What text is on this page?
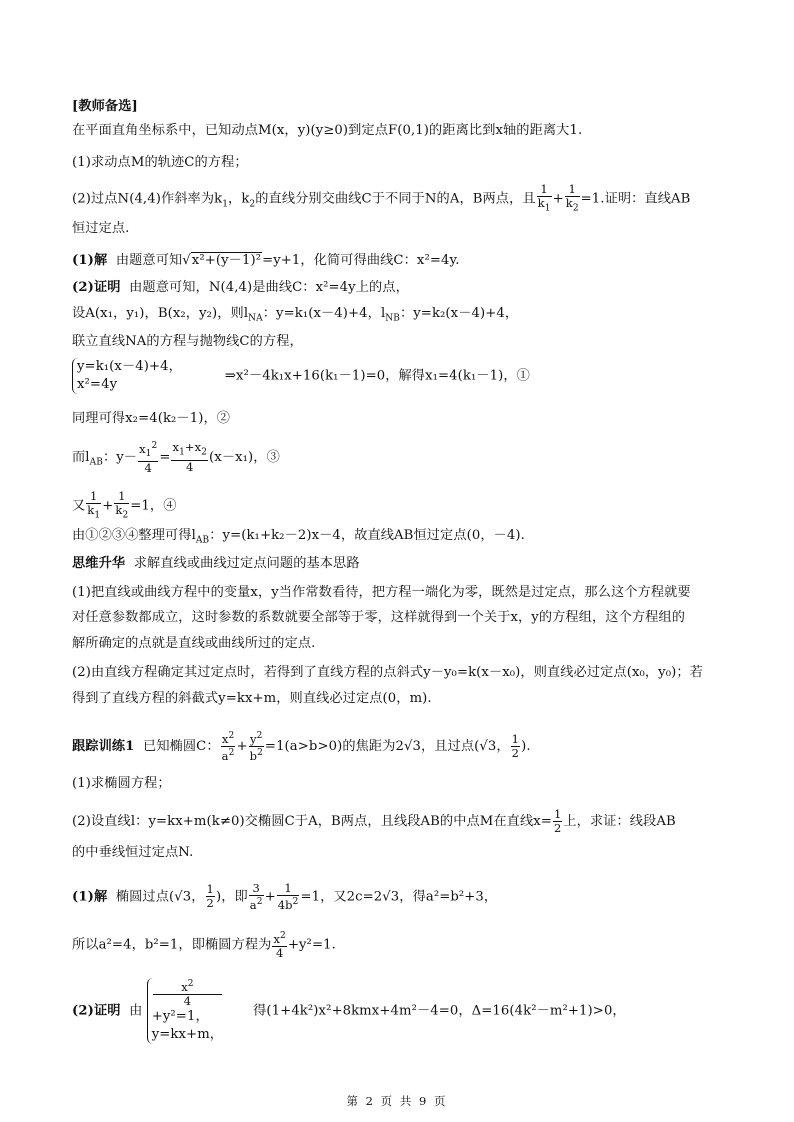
[教师备选]
在平面直角坐标系中，已知动点M(x，y)(y≥0)到定点F(0,1)的距离比到x轴的距离大1.
(1)求动点M的轨迹C的方程；
(2)过点N(4,4)作斜率为$k_1$，$k_2$的直线分别交曲线C于不同于N的A，B两点，且 $\frac{1}{k_1} + \frac{1}{k_2} =1$.证明：直线AB
恒过定点.
(1)解 由题意可知√x²+(y－1)²=y+1，化简可得曲线C：x²=4y.
(2)证明 由题意可知，N(4,4)是曲线C：x²=4y上的点，
设A(x₁，y₁)，B(x₂，y₂)，则$l_{NA}$：y=k₁(x－4)+4，$l_{NB}$：y=k₂(x－4)+4，
联立直线NA的方程与抛物线C的方程，
y=k₁(x－4)+4，
x²=4y
⇒x²－4k₁x+16(k₁－1)=0，解得x₁=4(k₁－1)，①
同理可得x₂=4(k₂－1)，②
而$l_{AB}$：$y- \frac{x_1^2}{4} = \frac{x_1+x_2}{4} (x-x_1)$，③
又 $\frac{1}{k_1} + \frac{1}{k_2} =1$，④
由①②③④整理可得$l_{AB}$：y=(k₁+k₂－2)x－4，故直线AB恒过定点(0，－4).
思维升华 求解直线或曲线过定点问题的基本思路
(1)把直线或曲线方程中的变量x，y当作常数看待，把方程一端化为零，既然是过定点，那么这个方程就要
对任意参数都成立，这时参数的系数就要全部等于零，这样就得到一个关于x，y的方程组，这个方程组的
解所确定的点就是直线或曲线所过的定点.
(2)由直线方程确定其过定点时，若得到了直线方程的点斜式y－y₀=k(x－x₀)，则直线必过定点(x₀，y₀)；若
得到了直线方程的斜截式y=kx+m，则直线必过定点(0，m).
跟踪训练1 已知椭圆C： $\frac{x^2}{a^2} + \frac{y^2}{b^2} =1(a>b>0)$的焦距为2√3，且过点(√3， $\frac{1}{2}$ ).
(1)求椭圆方程；
(2)设直线l：y=kx+m(k≠0)交椭圆C于A，B两点，且线段AB的中点M在直线$x= \frac{1}{2}$ 上，求证：线段AB
的中垂线恒过定点N.
(1)解 椭圆过点(√3， $\frac{1}{2}$ )，即 $\frac{3}{a^2} + \frac{1}{4b^2} =1$，又2c=2√3，得a²=b²+3，
所以a²=4，b²=1，即椭圆方程为 $\frac{x^2}{4} +y^2=1$.
(2)证明 由
$x^2$
4
+y²=1，
y=kx+m，
得(1+4k²)x²+8kmx+4m²－4=0，Δ=16(4k²－m²+1)>0，
第 2 页 共 9 页
